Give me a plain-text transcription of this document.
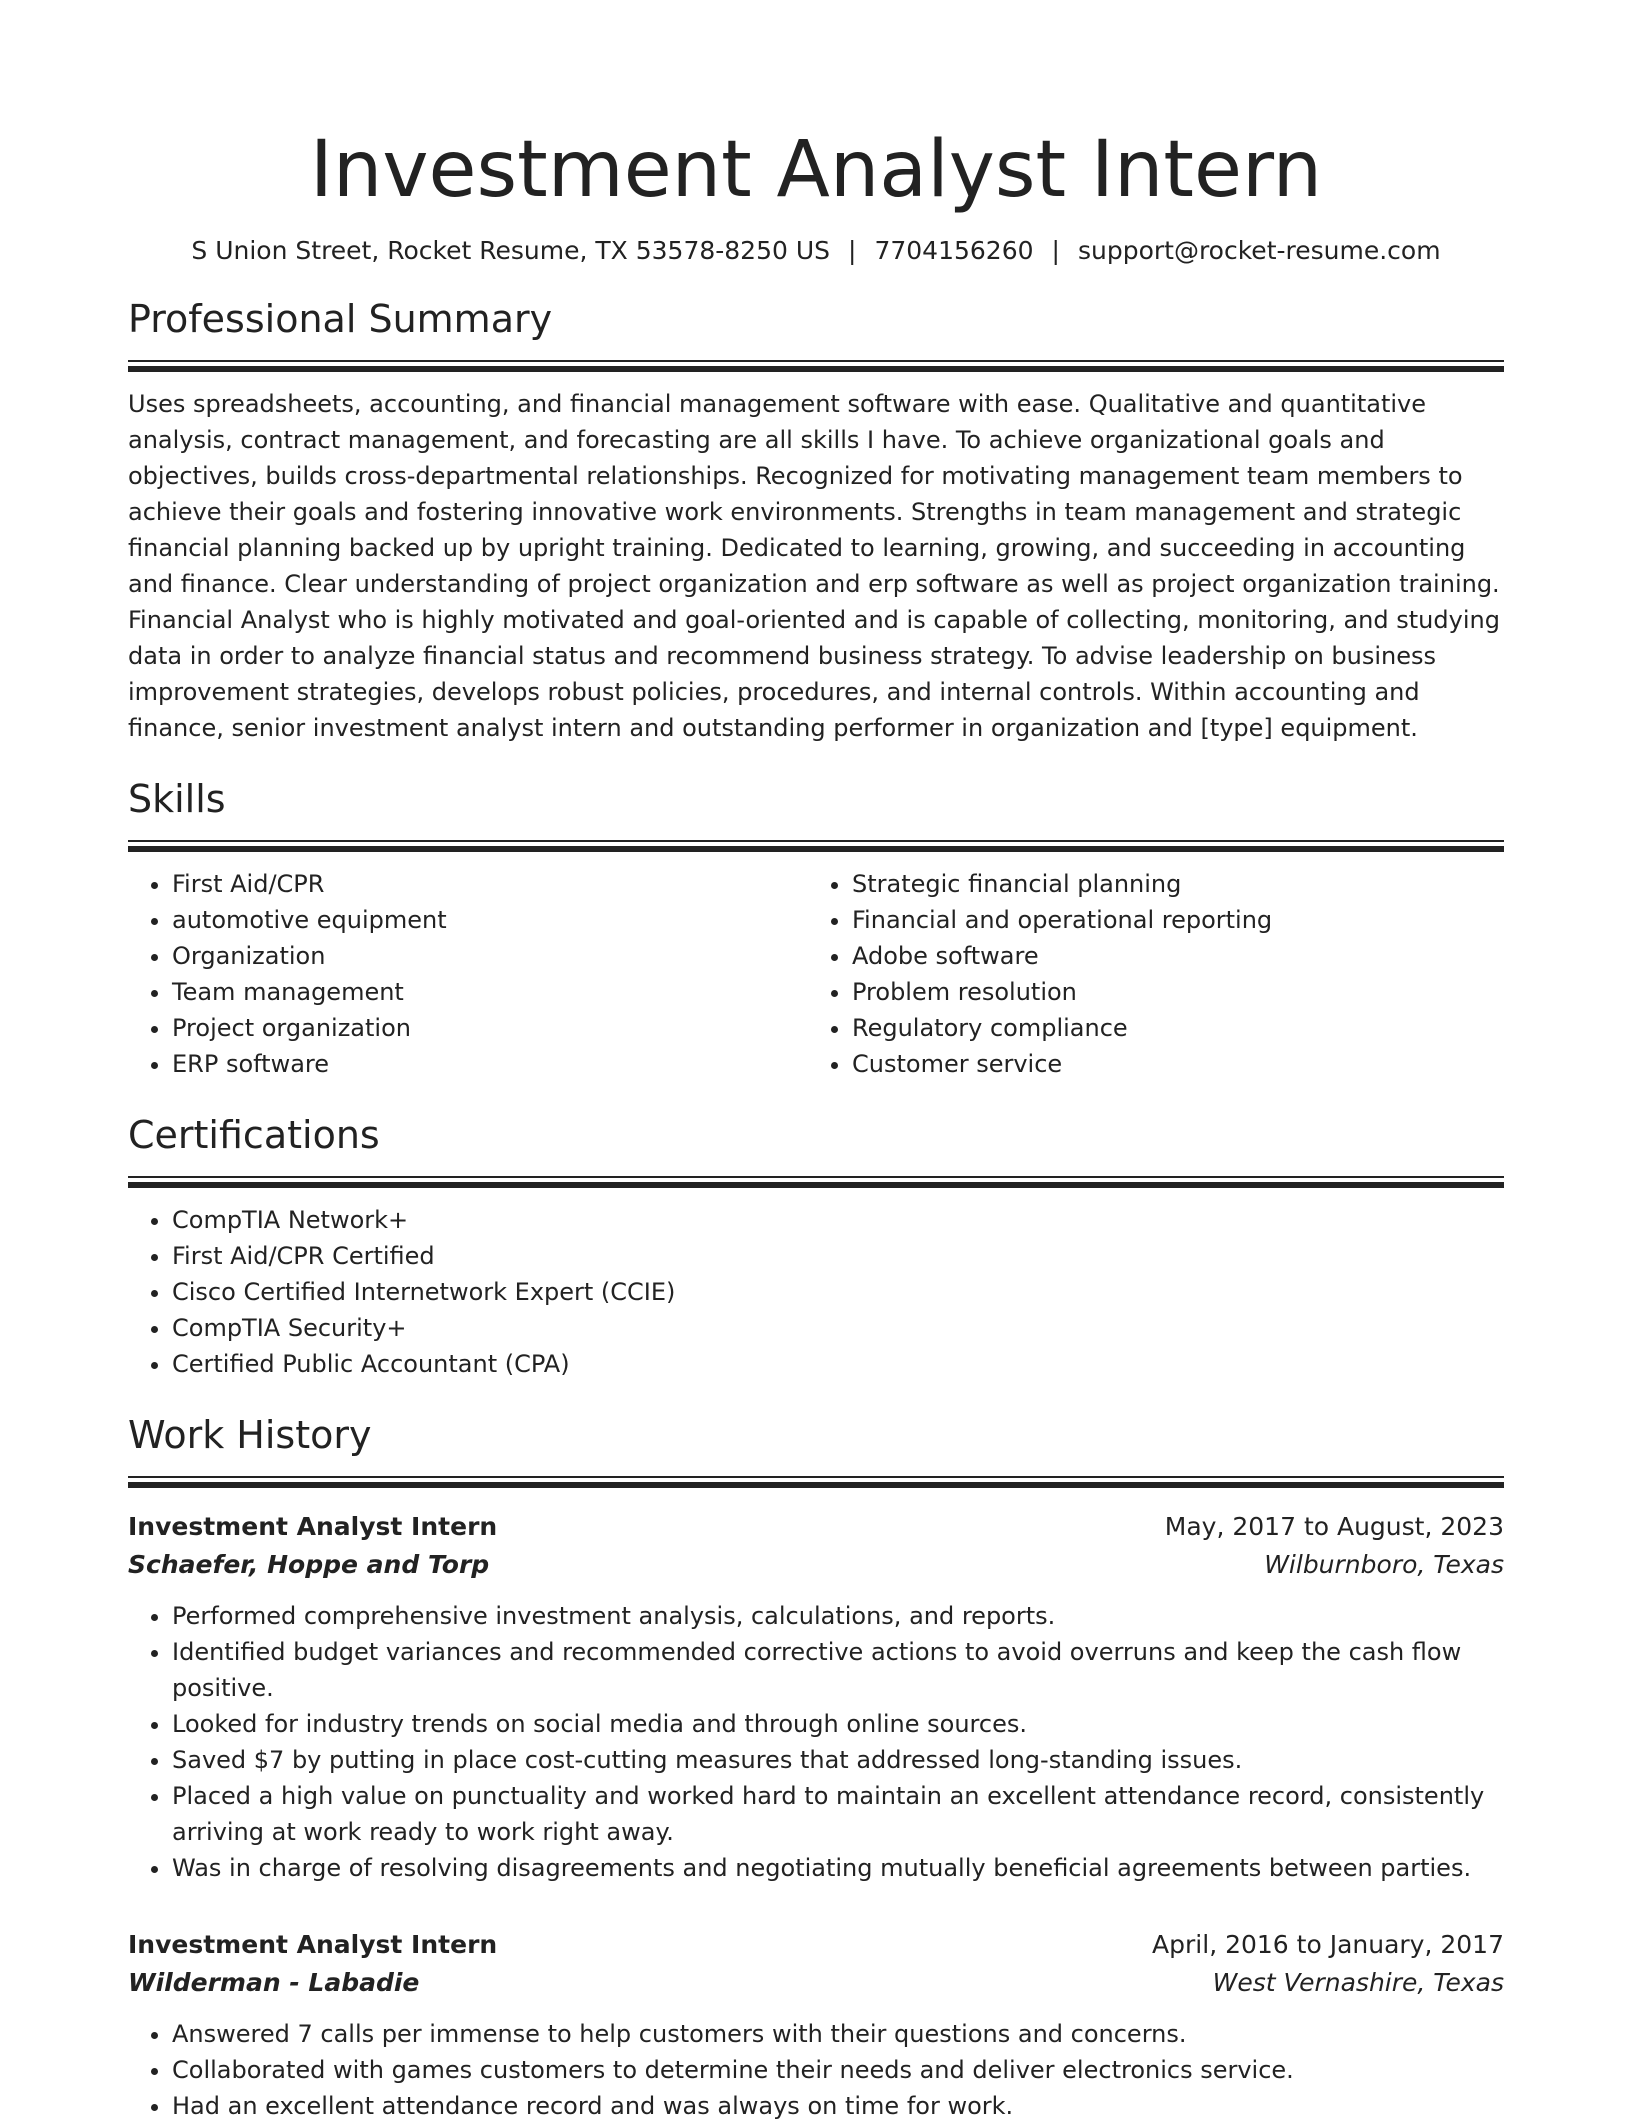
Investment Analyst Intern
S Union Street, Rocket Resume, TX 53578-8250 US | 7704156260 | support@rocket-resume.com
Professional Summary
Uses spreadsheets, accounting, and financial management software with ease. Qualitative and quantitative analysis, contract management, and forecasting are all skills I have. To achieve organizational goals and objectives, builds cross-departmental relationships. Recognized for motivating management team members to achieve their goals and fostering innovative work environments. Strengths in team management and strategic financial planning backed up by upright training. Dedicated to learning, growing, and succeeding in accounting and finance. Clear understanding of project organization and erp software as well as project organization training. Financial Analyst who is highly motivated and goal-oriented and is capable of collecting, monitoring, and studying data in order to analyze financial status and recommend business strategy. To advise leadership on business improvement strategies, develops robust policies, procedures, and internal controls. Within accounting and finance, senior investment analyst intern and outstanding performer in organization and [type] equipment.
Skills
• First Aid/CPR
• automotive equipment
• Organization
• Team management
• Project organization
• ERP software
• Strategic financial planning
• Financial and operational reporting
• Adobe software
• Problem resolution
• Regulatory compliance
• Customer service
Certifications
• CompTIA Network+
• First Aid/CPR Certified
• Cisco Certified Internetwork Expert (CCIE)
• CompTIA Security+
• Certified Public Accountant (CPA)
Work History
Investment Analyst Intern	May, 2017 to August, 2023
Schaefer, Hoppe and Torp	Wilburnboro, Texas
• Performed comprehensive investment analysis, calculations, and reports.
• Identified budget variances and recommended corrective actions to avoid overruns and keep the cash flow positive.
• Looked for industry trends on social media and through online sources.
• Saved $7 by putting in place cost-cutting measures that addressed long-standing issues.
• Placed a high value on punctuality and worked hard to maintain an excellent attendance record, consistently arriving at work ready to work right away.
• Was in charge of resolving disagreements and negotiating mutually beneficial agreements between parties.
Investment Analyst Intern	April, 2016 to January, 2017
Wilderman - Labadie	West Vernashire, Texas
• Answered 7 calls per immense to help customers with their questions and concerns.
• Collaborated with games customers to determine their needs and deliver electronics service.
• Had an excellent attendance record and was always on time for work.
